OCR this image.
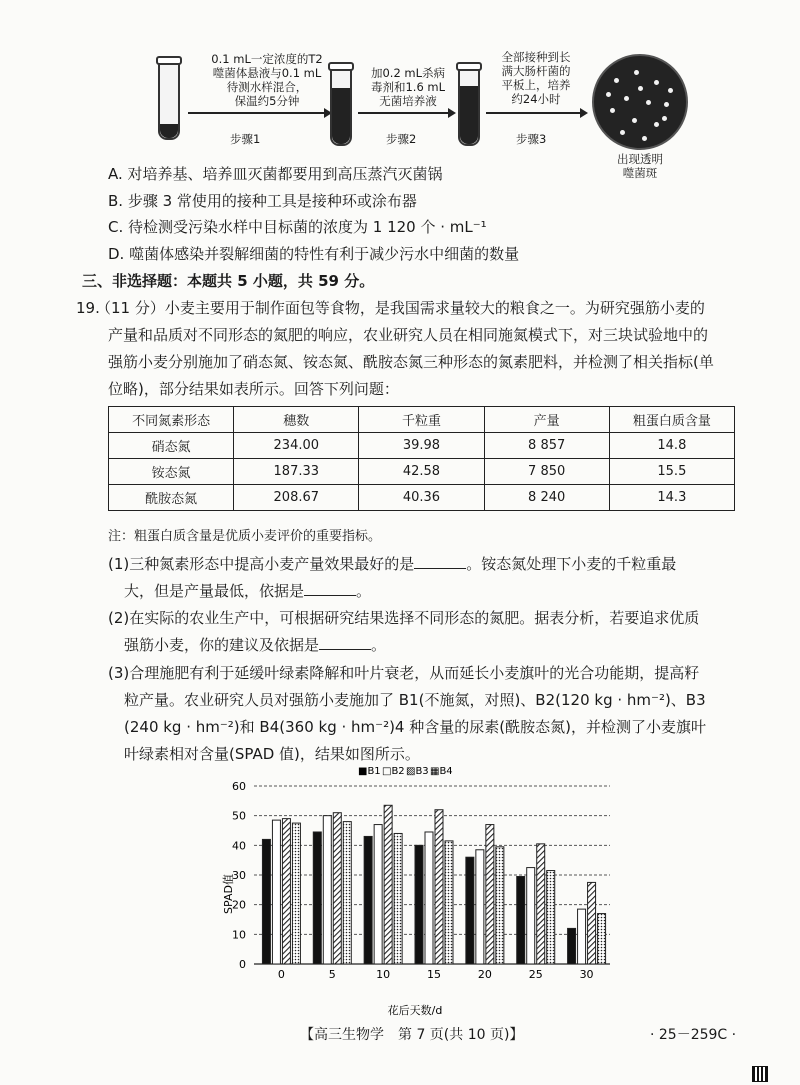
0.1 mL一定浓度的T2
噬菌体悬液与0.1 mL
待测水样混合，
保温约5分钟
步骤1
加0.2 mL杀病
毒剂和1.6 mL
无菌培养液
步骤2
全部接种到长
满大肠杆菌的
平板上，培养
约24小时
步骤3
出现透明
噬菌斑
A. 对培养基、培养皿灭菌都要用到高压蒸汽灭菌锅
B. 步骤 3 常使用的接种工具是接种环或涂布器
C. 待检测受污染水样中目标菌的浓度为 1 120 个 · mL⁻¹
D. 噬菌体感染并裂解细菌的特性有利于减少污水中细菌的数量
三、非选择题：本题共 5 小题，共 59 分。
19.
（11 分）小麦主要用于制作面包等食物，是我国需求量较大的粮食之一。为研究强筋小麦的
产量和品质对不同形态的氮肥的响应，农业研究人员在相同施氮模式下，对三块试验地中的
强筋小麦分别施加了硝态氮、铵态氮、酰胺态氮三种形态的氮素肥料，并检测了相关指标(单
位略)，部分结果如表所示。回答下列问题：
不同氮素形态	穗数	千粒重	产量	粗蛋白质含量
硝态氮	234.00	39.98	8 857	14.8
铵态氮	187.33	42.58	7 850	15.5
酰胺态氮	208.67	40.36	8 240	14.3
注：粗蛋白质含量是优质小麦评价的重要指标。
(1)三种氮素形态中提高小麦产量效果最好的是	。铵态氮处理下小麦的千粒重最
大，但是产量最低，依据是	。
(2)在实际的农业生产中，可根据研究结果选择不同形态的氮肥。据表分析，若要追求优质
强筋小麦，你的建议及依据是	。
(3)合理施肥有利于延缓叶绿素降解和叶片衰老，从而延长小麦旗叶的光合功能期，提高籽
粒产量。农业研究人员对强筋小麦施加了 B1(不施氮，对照)、B2(120 kg · hm⁻²)、B3
(240 kg · hm⁻²)和 B4(360 kg · hm⁻²)4 种含量的尿素(酰胺态氮)，并检测了小麦旗叶
叶绿素相对含量(SPAD 值)，结果如图所示。
■B1 □B2 ▨B3 ▦B4
0
10
20
30
40
50
60
0	5	10	15	20	25	30
SPAD值
花后天数/d
【高三生物学　第 7 页(共 10 页)】	· 25－259C ·
